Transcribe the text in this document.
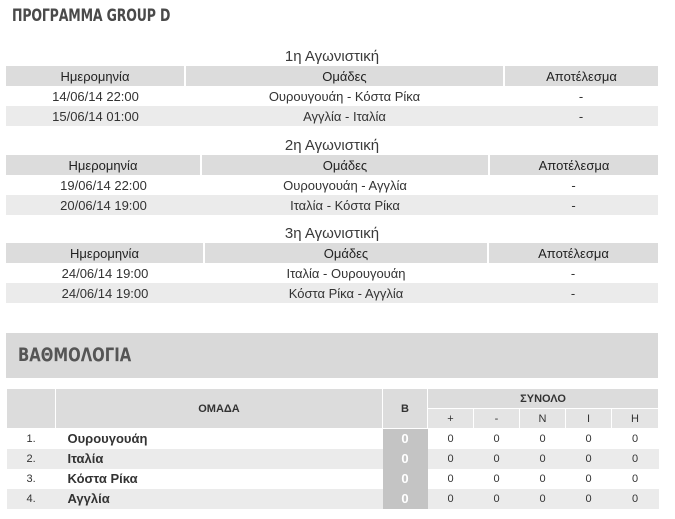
ΠΡΟΓΡΑΜΜΑ GROUP D
1η Αγωνιστική
Ημερομηνία	Ομάδες	Αποτέλεσμα
14/06/14 22:00	Ουρουγουάη - Κόστα Ρίκα	-
15/06/14 01:00	Αγγλία - Ιταλία	-
2η Αγωνιστική
Ημερομηνία	Ομάδες	Αποτέλεσμα
19/06/14 22:00	Ουρουγουάη - Αγγλία	-
20/06/14 19:00	Ιταλία - Κόστα Ρίκα	-
3η Αγωνιστική
Ημερομηνία	Ομάδες	Αποτέλεσμα
24/06/14 19:00	Ιταλία - Ουρουγουάη	-
24/06/14 19:00	Κόστα Ρίκα - Αγγλία	-
ΒΑΘΜΟΛΟΓΙΑ
	ΟΜΑΔΑ	Β	ΣΥΝΟΛΟ				
			+	-	Ν	Ι	Η
1.	Ουρουγουάη	0	0	0	0	0	0
2.	Ιταλία	0	0	0	0	0	0
3.	Κόστα Ρίκα	0	0	0	0	0	0
4.	Αγγλία	0	0	0	0	0	0
